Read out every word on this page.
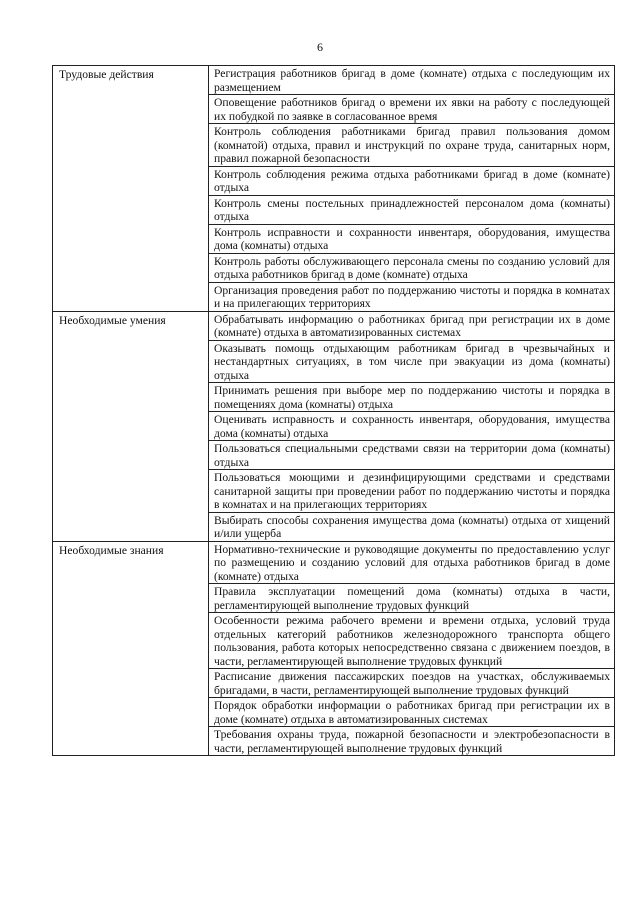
6
Трудовые действия	Регистрация работников бригад в доме (комнате) отдыха с последующим их размещением
	Оповещение работников бригад о времени их явки на работу с последующей их побудкой по заявке в согласованное время
	Контроль соблюдения работниками бригад правил пользования домом (комнатой) отдыха, правил и инструкций по охране труда, санитарных норм, правил пожарной безопасности
	Контроль соблюдения режима отдыха работниками бригад в доме (комнате) отдыха
	Контроль смены постельных принадлежностей персоналом дома (комнаты) отдыха
	Контроль исправности и сохранности инвентаря, оборудования, имущества дома (комнаты) отдыха
	Контроль работы обслуживающего персонала смены по созданию условий для отдыха работников бригад в доме (комнате) отдыха
	Организация проведения работ по поддержанию чистоты и порядка в комнатах и на прилегающих территориях
Необходимые умения	Обрабатывать информацию о работниках бригад при регистрации их в доме (комнате) отдыха в автоматизированных системах
	Оказывать помощь отдыхающим работникам бригад в чрезвычайных и нестандартных ситуациях, в том числе при эвакуации из дома (комнаты) отдыха
	Принимать решения при выборе мер по поддержанию чистоты и порядка в помещениях дома (комнаты) отдыха
	Оценивать исправность и сохранность инвентаря, оборудования, имущества дома (комнаты) отдыха
	Пользоваться специальными средствами связи на территории дома (комнаты) отдыха
	Пользоваться моющими и дезинфицирующими средствами и средствами санитарной защиты при проведении работ по поддержанию чистоты и порядка в комнатах и на прилегающих территориях
	Выбирать способы сохранения имущества дома (комнаты) отдыха от хищений и/или ущерба
Необходимые знания	Нормативно-технические и руководящие документы по предоставлению услуг по размещению и созданию условий для отдыха работников бригад в доме (комнате) отдыха
	Правила эксплуатации помещений дома (комнаты) отдыха в части, регламентирующей выполнение трудовых функций
	Особенности режима рабочего времени и времени отдыха, условий труда отдельных категорий работников железнодорожного транспорта общего пользования, работа которых непосредственно связана с движением поездов, в части, регламентирующей выполнение трудовых функций
	Расписание движения пассажирских поездов на участках, обслуживаемых бригадами, в части, регламентирующей выполнение трудовых функций
	Порядок обработки информации о работниках бригад при регистрации их в доме (комнате) отдыха в автоматизированных системах
	Требования охраны труда, пожарной безопасности и электробезопасности в части, регламентирующей выполнение трудовых функций
